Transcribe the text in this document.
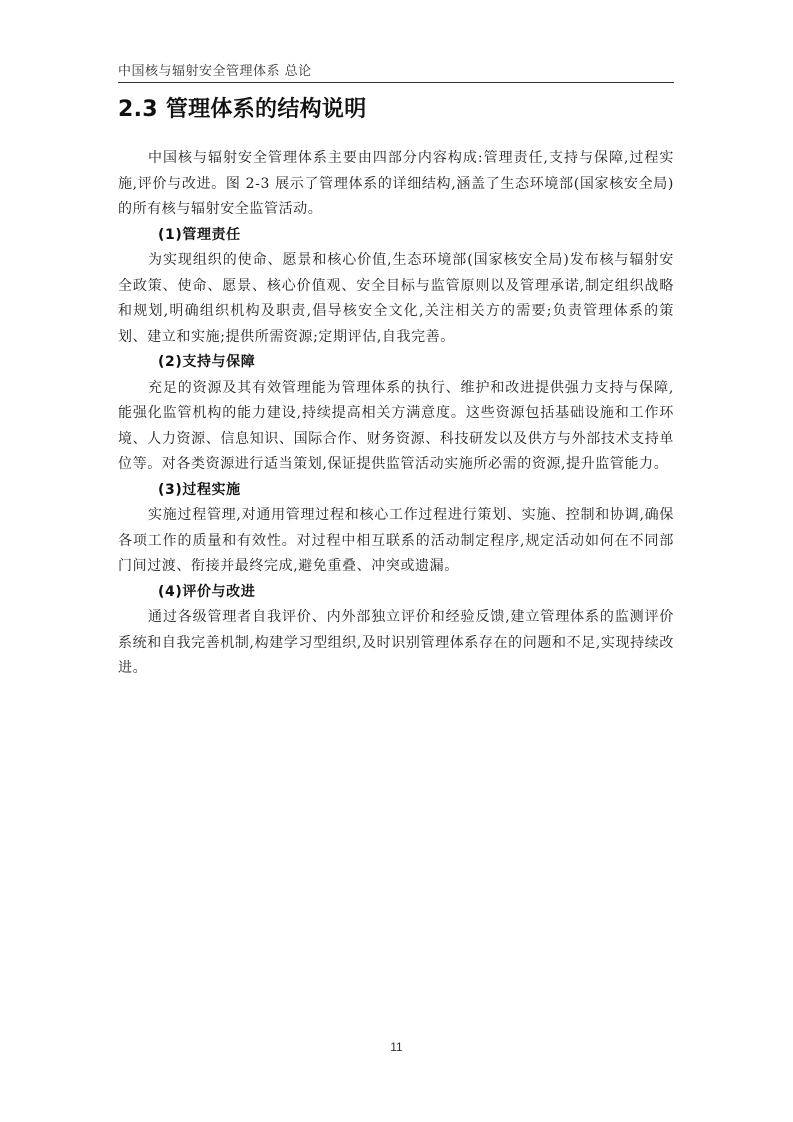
中国核与辐射安全管理体系 总论
2.3 管理体系的结构说明

中国核与辐射安全管理体系主要由四部分内容构成:管理责任,支持与保障,过程实施,评价与改进。图 2-3 展示了管理体系的详细结构,涵盖了生态环境部(国家核安全局)的所有核与辐射安全监管活动。

(1)管理责任

为实现组织的使命、愿景和核心价值,生态环境部(国家核安全局)发布核与辐射安全政策、使命、愿景、核心价值观、安全目标与监管原则以及管理承诺,制定组织战略和规划,明确组织机构及职责,倡导核安全文化,关注相关方的需要;负责管理体系的策划、建立和实施;提供所需资源;定期评估,自我完善。

(2)支持与保障

充足的资源及其有效管理能为管理体系的执行、维护和改进提供强力支持与保障,能强化监管机构的能力建设,持续提高相关方满意度。这些资源包括基础设施和工作环境、人力资源、信息知识、国际合作、财务资源、科技研发以及供方与外部技术支持单位等。对各类资源进行适当策划,保证提供监管活动实施所必需的资源,提升监管能力。

(3)过程实施

实施过程管理,对通用管理过程和核心工作过程进行策划、实施、控制和协调,确保各项工作的质量和有效性。对过程中相互联系的活动制定程序,规定活动如何在不同部门间过渡、衔接并最终完成,避免重叠、冲突或遗漏。

(4)评价与改进

通过各级管理者自我评价、内外部独立评价和经验反馈,建立管理体系的监测评价系统和自我完善机制,构建学习型组织,及时识别管理体系存在的问题和不足,实现持续改进。

11
